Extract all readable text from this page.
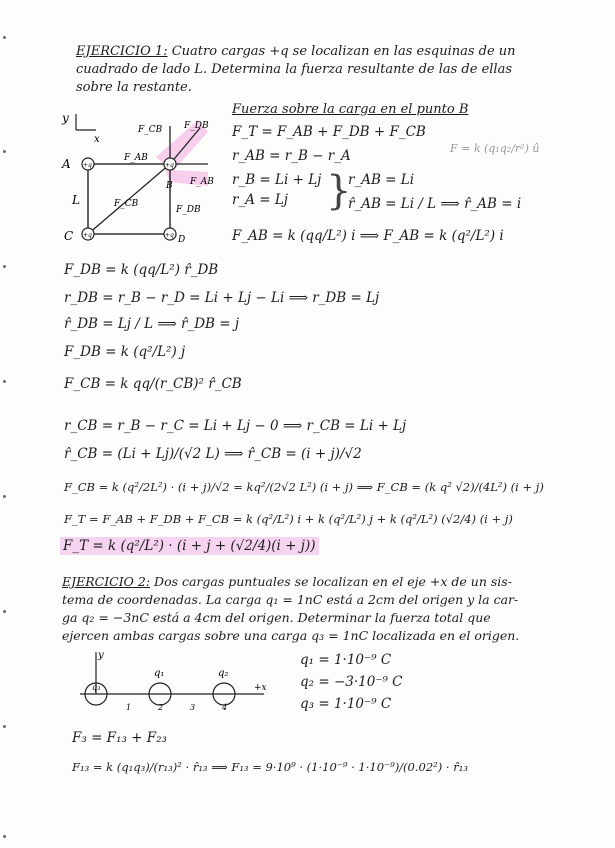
EJERCICIO 1: Cuatro cargas +q se localizan en las esquinas de un
cuadrado de lado L. Determina la fuerza resultante de las de ellas
sobre la restante.
y
x
+q	+q
+q	+q
F_CB F_DB
F_AB
F_DB
F_AB
F_CB
A
B
C	D
L
Fuerza sobre la carga en el punto B
F_T = F_AB + F_DB + F_CB
F = k (q₁q₂/r²) û
r_AB = r_B − r_A
r_B = Li + Lj
r_A = Lj }
r_AB = Li
r̂_AB = Li / L ⟹ r̂_AB = i
F_AB = k (qq/L²) i ⟹ F_AB = k (q²/L²) i
F_DB = k (qq/L²) r̂_DB
r_DB = r_B − r_D = Li + Lj − Li ⟹ r_DB = Lj
r̂_DB = Lj / L ⟹ r̂_DB = j
F_DB = k (q²/L²) j
F_CB = k qq/(r_CB)² r̂_CB
r_CB = r_B − r_C = Li + Lj − 0 ⟹ r_CB = Li + Lj
r̂_CB = (Li + Lj)/(√2 L) ⟹ r̂_CB = (i + j)/√2
F_CB = k (q²/2L²) · (i + j)/√2 = kq²/(2√2 L²) (i + j) ⟹ F_CB = (k q² √2)/(4L²) (i + j)
F_T = F_AB + F_DB + F_CB = k (q²/L²) i + k (q²/L²) j + k (q²/L²) (√2/4) (i + j)
F_T = k (q²/L²) · (i + j + (√2/4)(i + j))
EJERCICIO 2: Dos cargas puntuales se localizan en el eje +x de un sis-
tema de coordenadas. La carga q₁ = 1nC está a 2cm del origen y la car-
ga q₂ = −3nC está a 4cm del origen. Determinar la fuerza total que
ejercen ambas cargas sobre una carga q₃ = 1nC localizada en el origen.
y
+x
q₃
q₁	q₂
1	2	3	4
q₁ = 1·10⁻⁹ C
q₂ = −3·10⁻⁹ C
q₃ = 1·10⁻⁹ C
F₃ = F₁₃ + F₂₃
F₁₃ = k (q₁q₃)/(r₁₃)² · r̂₁₃ ⟹ F₁₃ = 9·10⁹ · (1·10⁻⁹ · 1·10⁻⁹)/(0.02²) · r̂₁₃
